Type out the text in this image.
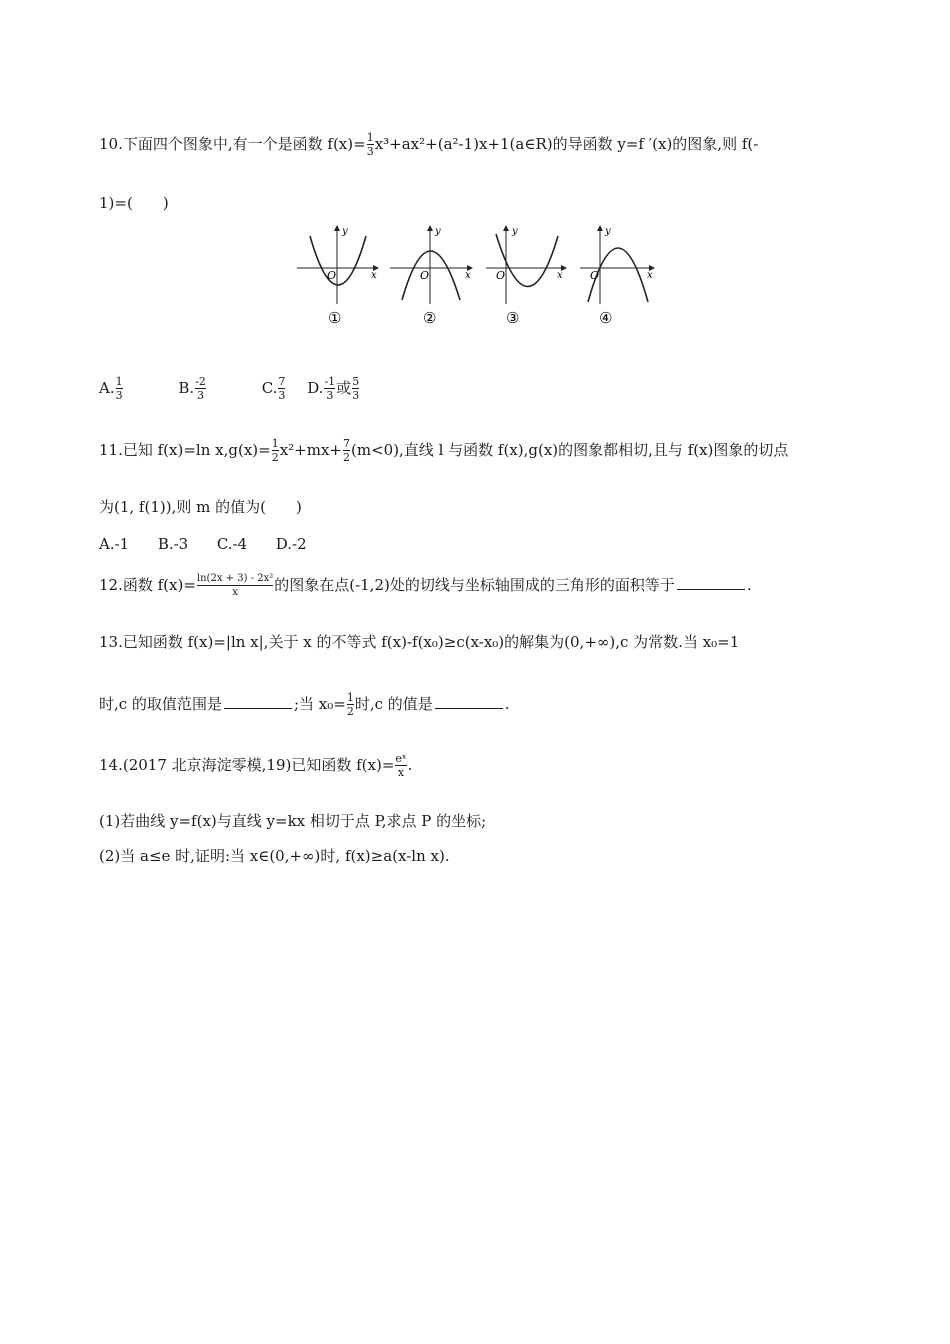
10.下面四个图象中,有一个是函数 $f(x)= \frac{1}{3}$ x³+ax²+(a²-1)x+1(a∈R)的导函数 y=f ′(x)的图象,则 f(-
1)=( )
y
x
O
①
y
x
O
②
y
x
O
③
y
x
O
④
A. $\frac{1}{3}$	B. $\frac{-2}{3}$	C. $\frac{7}{3} D$. $\frac{-1}{3}$ 或 $\frac{5}{3}$
11.已知 f(x)=ln $x,g(x)= \frac{1}{2} x^2+mx+ \frac{7}{2} (m<0)$,直线 l 与函数 f(x),g(x)的图象都相切,且与 f(x)图象的切点
为(1, f(1)),则 m 的值为( )
A.-1      B.-3      C.-4      D.-2
12.函数 $f(x)= \frac{\text{ln(2x + 3) - 2x²}}{x}$ 的图象在点(-1,2)处的切线与坐标轴围成的三角形的面积等于	.
13.已知函数 f(x)=|ln x|,关于 x 的不等式 f(x)-f(x₀)≥c(x-x₀)的解集为(0,+∞),c 为常数.当 x₀=1
时,c 的取值范围是	;当 $x_0= \frac{1}{2}$ 时,c 的值是	.
14.(2017 北京海淀零模,19)已知函数 $f(x)= \frac{\text{eˣ}}{x}$ .
(1)若曲线 y=f(x)与直线 y=kx 相切于点 P,求点 P 的坐标;
(2)当 a≤e 时,证明:当 x∈(0,+∞)时, f(x)≥a(x-ln x).
